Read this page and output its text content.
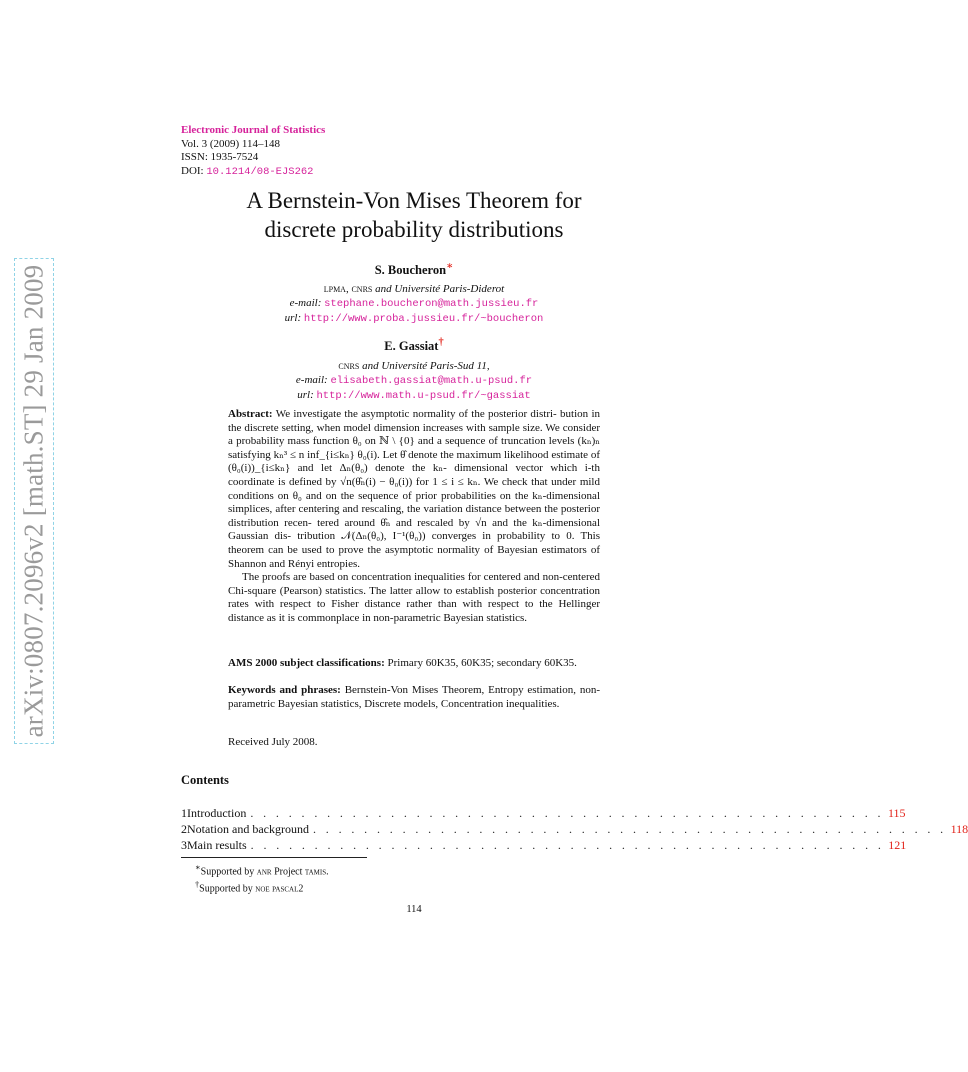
arXiv:0807.2096v2 [math.ST] 29 Jan 2009
Electronic Journal of Statistics
Vol. 3 (2009) 114–148
ISSN: 1935-7524
DOI: 10.1214/08-EJS262
A Bernstein-Von Mises Theorem for
discrete probability distributions
S. Boucheron∗
lpma, cnrs and Université Paris-Diderot
e-mail: stephane.boucheron@math.jussieu.fr
url: http://www.proba.jussieu.fr/~boucheron
E. Gassiat†
cnrs and Université Paris-Sud 11,
e-mail: elisabeth.gassiat@math.u-psud.fr
url: http://www.math.u-psud.fr/~gassiat

Abstract: We investigate the asymptotic normality of the posterior distri- bution in the discrete setting, when model dimension increases with sample size. We consider a probability mass function θ₀ on ℕ \ {0} and a sequence of truncation levels (kₙ)ₙ satisfying kₙ³ ≤ n inf_{i≤kₙ} θ₀(i). Let θ̂ denote the maximum likelihood estimate of (θ₀(i))_{i≤kₙ} and let Δₙ(θ₀) denote the kₙ- dimensional vector which i-th coordinate is defined by √n(θ̂ₙ(i) − θ₀(i)) for 1 ≤ i ≤ kₙ. We check that under mild conditions on θ₀ and on the sequence of prior probabilities on the kₙ-dimensional simplices, after centering and rescaling, the variation distance between the posterior distribution recen- tered around θ̂ₙ and rescaled by √n and the kₙ-dimensional Gaussian dis- tribution 𝒩(Δₙ(θ₀), I⁻¹(θ₀)) converges in probability to 0. This theorem can be used to prove the asymptotic normality of Bayesian estimators of Shannon and Rényi entropies.

The proofs are based on concentration inequalities for centered and non-centered Chi-square (Pearson) statistics. The latter allow to establish posterior concentration rates with respect to Fisher distance rather than with respect to the Hellinger distance as it is commonplace in non-parametric Bayesian statistics.

AMS 2000 subject classifications: Primary 60K35, 60K35; secondary 60K35.
Keywords and phrases: Bernstein-Von Mises Theorem, Entropy estimation, non-parametric Bayesian statistics, Discrete models, Concentration inequalities.
Received July 2008.
Contents
1 Introduction . . . . . . . . . . . . . . . . . . . . . . . . . . . . . . . . . . . . . . . . . . . . . . . . . . 115
2 Notation and background . . . . . . . . . . . . . . . . . . . . . . . . . . . . . . . . . . . . . . . . . . . . . . . . . . 118
3 Main results . . . . . . . . . . . . . . . . . . . . . . . . . . . . . . . . . . . . . . . . . . . . . . . . . . 121
∗Supported by anr Project tamis.
†Supported by noe pascal2
114
